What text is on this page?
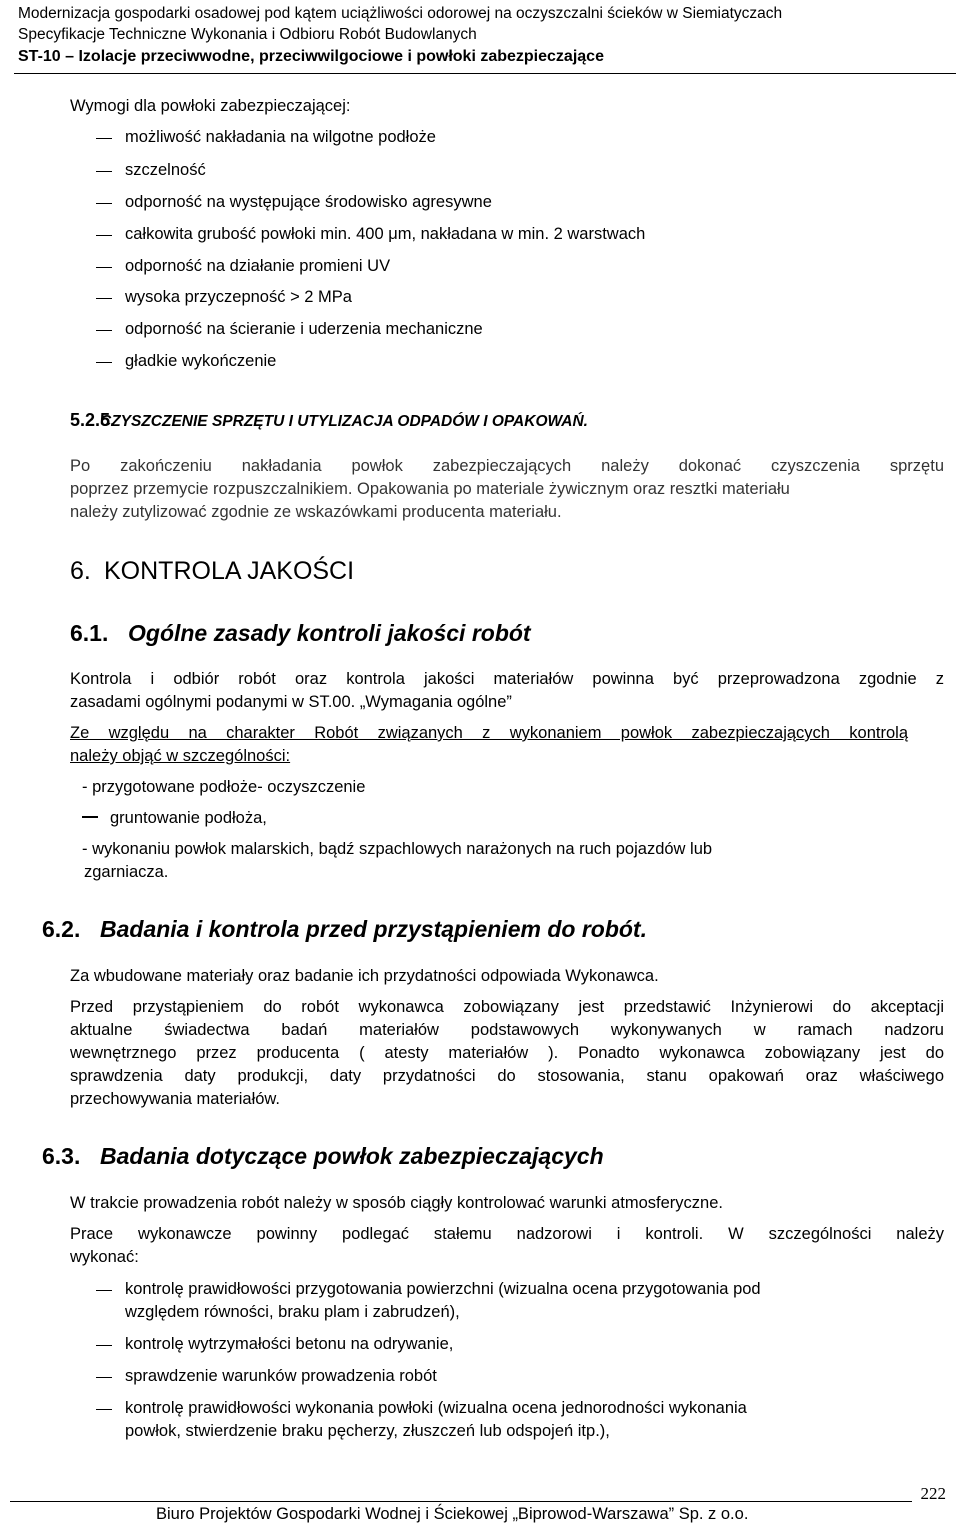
Modernizacja gospodarki osadowej pod kątem uciążliwości odorowej na oczyszczalni ścieków w Siemiatyczach
Specyfikacje Techniczne Wykonania i Odbioru Robót Budowlanych
ST-10 – Izolacje przeciwwodne, przeciwwilgociowe i powłoki zabezpieczające
Wymogi dla powłoki zabezpieczającej:
możliwość nakładania na wilgotne podłoże
szczelność
odporność na występujące środowisko agresywne
całkowita grubość powłoki min. 400 μm, nakładana w min. 2 warstwach
odporność na działanie promieni UV
wysoka przyczepność > 2 MPa
odporność na ścieranie i uderzenia mechaniczne
gładkie wykończenie
5.2.5.
CZYSZCZENIE SPRZĘTU I UTYLIZACJA ODPADÓW I OPAKOWAŃ.
Po zakończeniu nakładania powłok zabezpieczających należy dokonać czyszczenia sprzętu
poprzez przemycie rozpuszczalnikiem. Opakowania po materiale żywicznym oraz resztki materiału
należy zutylizować zgodnie ze wskazówkami producenta materiału.
6. KONTROLA JAKOŚCI
6.1. Ogólne zasady kontroli jakości robót
Kontrola i odbiór robót oraz kontrola jakości materiałów powinna być przeprowadzona zgodnie z
zasadami ogólnymi podanymi w ST.00. „Wymagania ogólne”
Ze względu na charakter Robót związanych z wykonaniem powłok zabezpieczających kontrolą
należy objąć w szczególności:
- przygotowane podłoże- oczyszczenie
gruntowanie podłoża,
- wykonaniu powłok malarskich, bądź szpachlowych narażonych na ruch pojazdów lub
zgarniacza.
6.2. Badania i kontrola przed przystąpieniem do robót.
Za wbudowane materiały oraz badanie ich przydatności odpowiada Wykonawca.
Przed przystąpieniem do robót wykonawca zobowiązany jest przedstawić Inżynierowi do akceptacji
aktualne świadectwa badań materiałów podstawowych wykonywanych w ramach nadzoru
wewnętrznego przez producenta ( atesty materiałów ). Ponadto wykonawca zobowiązany jest do
sprawdzenia daty produkcji, daty przydatności do stosowania, stanu opakowań oraz właściwego
przechowywania materiałów.
6.3. Badania dotyczące powłok zabezpieczających
W trakcie prowadzenia robót należy w sposób ciągły kontrolować warunki atmosferyczne.
Prace wykonawcze powinny podlegać stałemu nadzorowi i kontroli. W szczególności należy
wykonać:
kontrolę prawidłowości przygotowania powierzchni (wizualna ocena przygotowania pod
względem równości, braku plam i zabrudzeń),
kontrolę wytrzymałości betonu na odrywanie,
sprawdzenie warunków prowadzenia robót
kontrolę prawidłowości wykonania powłoki (wizualna ocena jednorodności wykonania
powłok, stwierdzenie braku pęcherzy, złuszczeń lub odspojeń itp.),
222
Biuro Projektów Gospodarki Wodnej i Ściekowej „Biprowod-Warszawa” Sp. z o.o.
